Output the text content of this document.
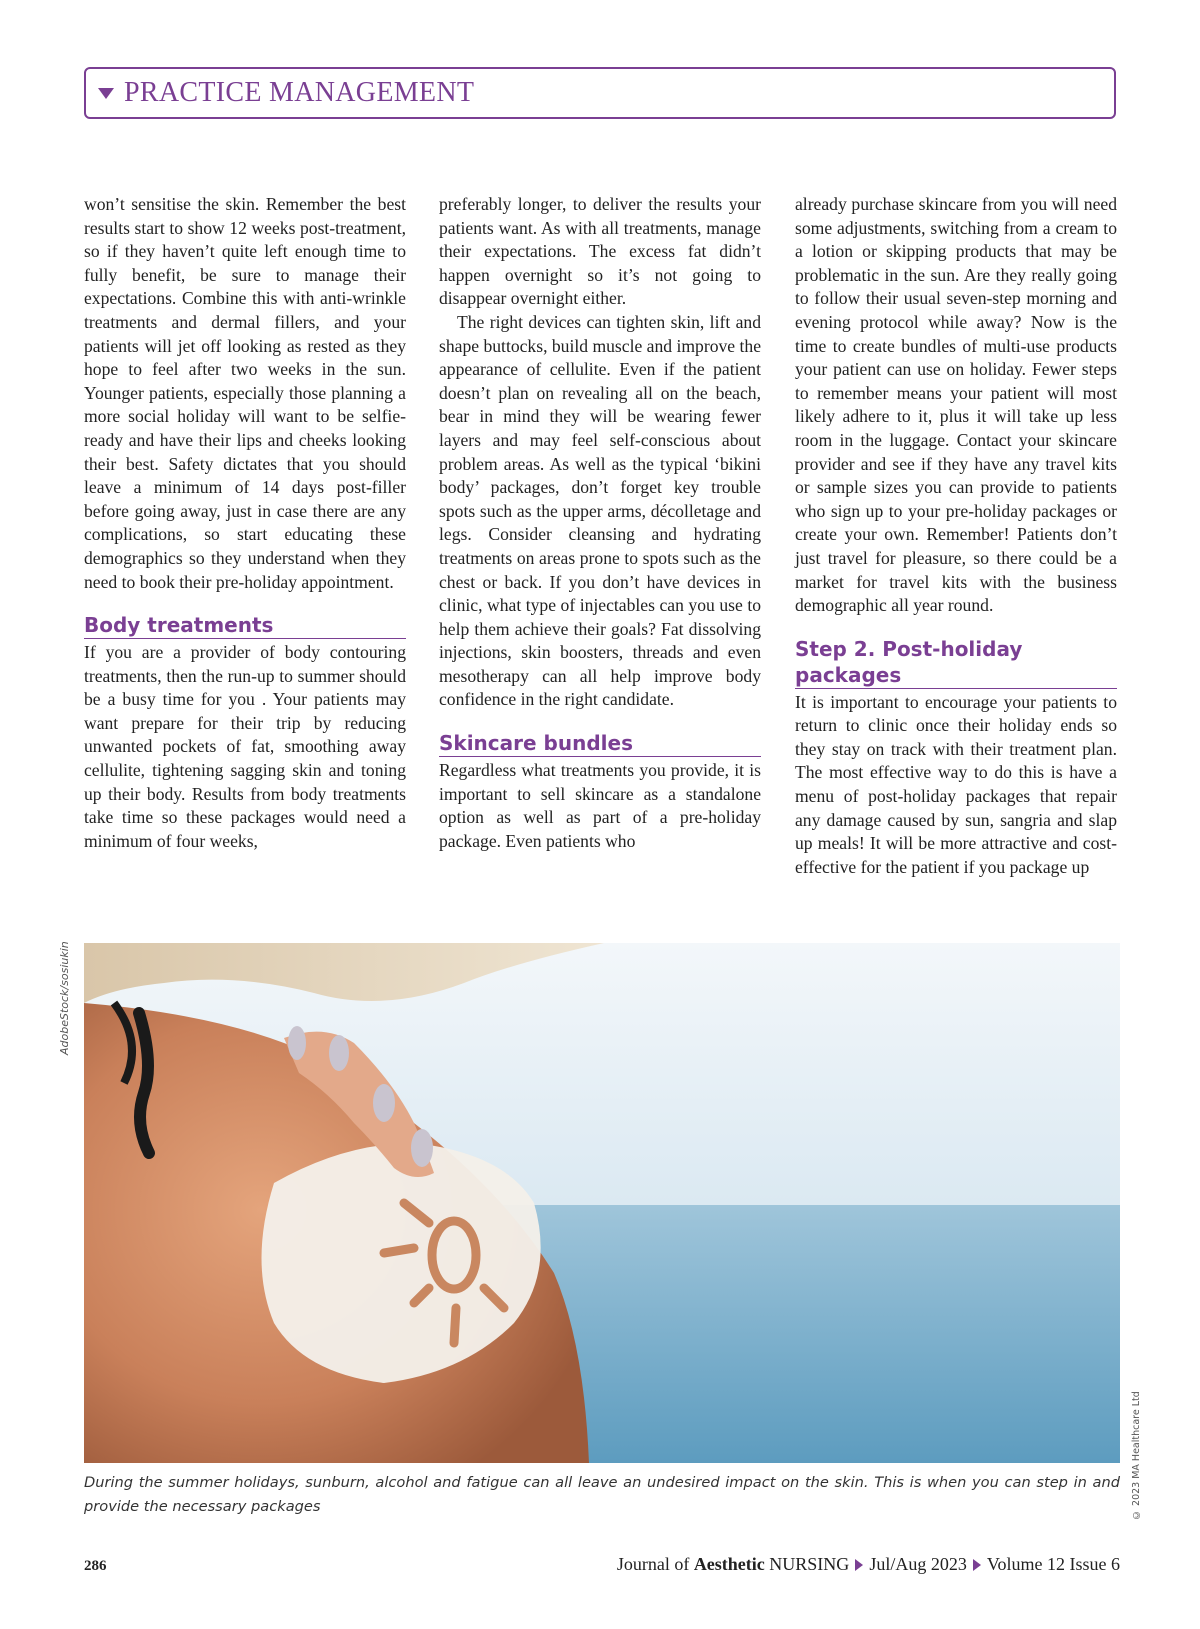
PRACTICE MANAGEMENT

won’t sensitise the skin. Remember the best results start to show 12 weeks post-treatment, so if they haven’t quite left enough time to fully benefit, be sure to manage their expectations. Combine this with anti-wrinkle treatments and dermal fillers, and your patients will jet off looking as rested as they hope to feel after two weeks in the sun. Younger patients, especially those planning a more social holiday will want to be selfie-ready and have their lips and cheeks looking their best. Safety dictates that you should leave a minimum of 14 days post-filler before going away, just in case there are any complications, so start educating these demographics so they understand when they need to book their pre-holiday appointment.

Body treatments

If you are a provider of body contouring treatments, then the run-up to summer should be a busy time for you . Your patients may want prepare for their trip by reducing unwanted pockets of fat, smoothing away cellulite, tightening sagging skin and toning up their body. Results from body treatments take time so these packages would need a minimum of four weeks,

preferably longer, to deliver the results your patients want. As with all treatments, manage their expectations. The excess fat didn’t happen overnight so it’s not going to disappear overnight either.

The right devices can tighten skin, lift and shape buttocks, build muscle and improve the appearance of cellulite. Even if the patient doesn’t plan on revealing all on the beach, bear in mind they will be wearing fewer layers and may feel self-conscious about problem areas. As well as the typical ‘bikini body’ packages, don’t forget key trouble spots such as the upper arms, décolletage and legs. Consider cleansing and hydrating treatments on areas prone to spots such as the chest or back. If you don’t have devices in clinic, what type of injectables can you use to help them achieve their goals? Fat dissolving injections, skin boosters, threads and even mesotherapy can all help improve body confidence in the right candidate.

Skincare bundles

Regardless what treatments you provide, it is important to sell skincare as a standalone option as well as part of a pre-holiday package. Even patients who

already purchase skincare from you will need some adjustments, switching from a cream to a lotion or skipping products that may be problematic in the sun. Are they really going to follow their usual seven-step morning and evening protocol while away? Now is the time to create bundles of multi-use products your patient can use on holiday. Fewer steps to remember means your patient will most likely adhere to it, plus it will take up less room in the luggage. Contact your skincare provider and see if they have any travel kits or sample sizes you can provide to patients who sign up to your pre-holiday packages or create your own. Remember! Patients don’t just travel for pleasure, so there could be a market for travel kits with the business demographic all year round.

Step 2. Post-holiday packages

It is important to encourage your patients to return to clinic once their holiday ends so they stay on track with their treatment plan. The most effective way to do this is have a menu of post-holiday packages that repair any damage caused by sun, sangria and slap up meals! It will be more attractive and cost-effective for the patient if you package up

AdobeStock/sosiukin
© 2023 MA Healthcare Ltd
During the summer holidays, sunburn, alcohol and fatigue can all leave an undesired impact on the skin. This is when you can step in and provide the necessary packages
286	Journal of Aesthetic NURSING Jul/Aug 2023 Volume 12 Issue 6
